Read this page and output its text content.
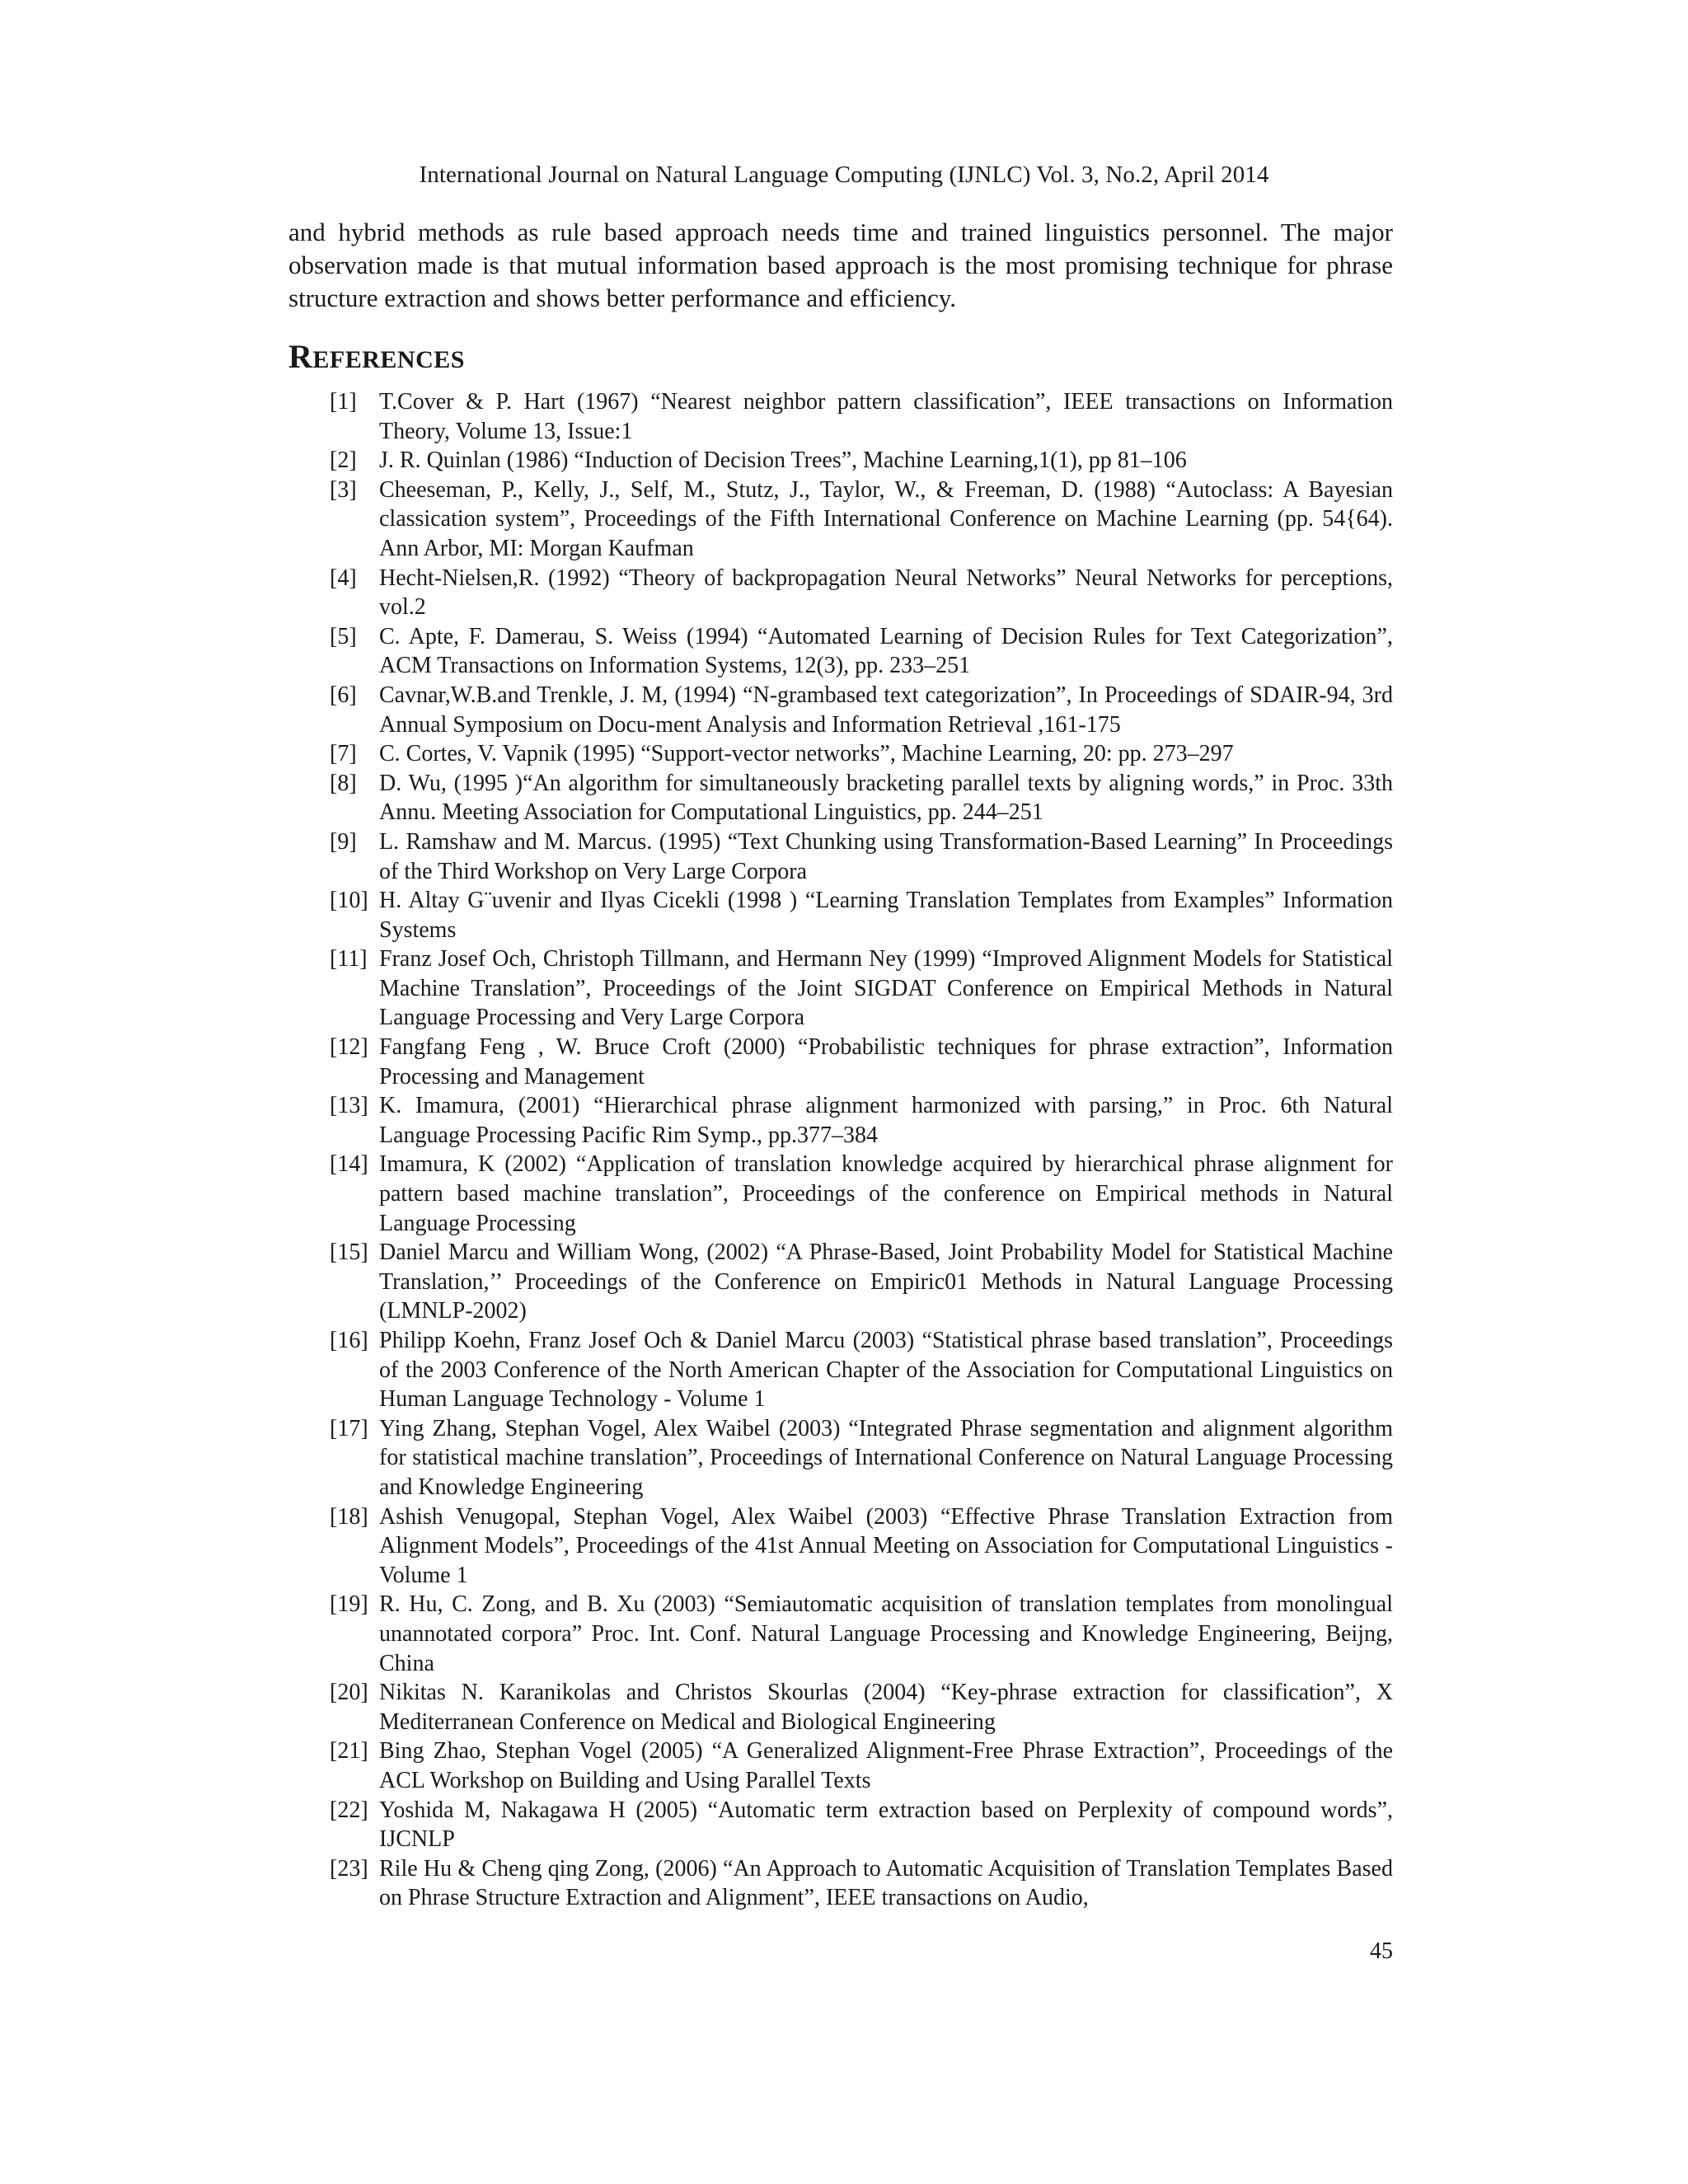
International Journal on Natural Language Computing (IJNLC) Vol. 3, No.2, April 2014

and hybrid methods as rule based approach needs time and trained linguistics personnel. The major observation made is that mutual information based approach is the most promising technique for phrase structure extraction and shows better performance and efficiency.

REFERENCES
[1] T.Cover & P. Hart (1967) “Nearest neighbor pattern classification”, IEEE transactions on Information Theory, Volume 13, Issue:1
[2] J. R. Quinlan (1986) “Induction of Decision Trees”, Machine Learning,1(1), pp 81–106
[3] Cheeseman, P., Kelly, J., Self, M., Stutz, J., Taylor, W., & Freeman, D. (1988) “Autoclass: A Bayesian classication system”, Proceedings of the Fifth International Conference on Machine Learning (pp. 54{64). Ann Arbor, MI: Morgan Kaufman
[4] Hecht-Nielsen,R. (1992) “Theory of backpropagation Neural Networks” Neural Networks for perceptions, vol.2
[5] C. Apte, F. Damerau, S. Weiss (1994) “Automated Learning of Decision Rules for Text Categorization”, ACM Transactions on Information Systems, 12(3), pp. 233–251
[6] Cavnar,W.B.and Trenkle, J. M, (1994) “N-grambased text categorization”, In Proceedings of SDAIR-94, 3rd Annual Symposium on Docu-ment Analysis and Information Retrieval ,161-175
[7] C. Cortes, V. Vapnik (1995) “Support-vector networks”, Machine Learning, 20: pp. 273–297
[8] D. Wu, (1995 )“An algorithm for simultaneously bracketing parallel texts by aligning words,” in Proc. 33th Annu. Meeting Association for Computational Linguistics, pp. 244–251
[9] L. Ramshaw and M. Marcus. (1995) “Text Chunking using Transformation-Based Learning” In Proceedings of the Third Workshop on Very Large Corpora
[10] H. Altay G¨uvenir and Ilyas Cicekli (1998 ) “Learning Translation Templates from Examples” Information Systems
[11] Franz Josef Och, Christoph Tillmann, and Hermann Ney (1999) “Improved Alignment Models for Statistical Machine Translation”, Proceedings of the Joint SIGDAT Conference on Empirical Methods in Natural Language Processing and Very Large Corpora
[12] Fangfang Feng , W. Bruce Croft (2000) “Probabilistic techniques for phrase extraction”, Information Processing and Management
[13] K. Imamura, (2001) “Hierarchical phrase alignment harmonized with parsing,” in Proc. 6th Natural Language Processing Pacific Rim Symp., pp.377–384
[14] Imamura, K (2002) “Application of translation knowledge acquired by hierarchical phrase alignment for pattern based machine translation”, Proceedings of the conference on Empirical methods in Natural Language Processing
[15] Daniel Marcu and William Wong, (2002) “A Phrase-Based, Joint Probability Model for Statistical Machine Translation,’’ Proceedings of the Conference on Empiric01 Methods in Natural Language Processing (LMNLP-2002)
[16] Philipp Koehn, Franz Josef Och & Daniel Marcu (2003) “Statistical phrase based translation”, Proceedings of the 2003 Conference of the North American Chapter of the Association for Computational Linguistics on Human Language Technology - Volume 1
[17] Ying Zhang, Stephan Vogel, Alex Waibel (2003) “Integrated Phrase segmentation and alignment algorithm for statistical machine translation”, Proceedings of International Conference on Natural Language Processing and Knowledge Engineering
[18] Ashish Venugopal, Stephan Vogel, Alex Waibel (2003) “Effective Phrase Translation Extraction from Alignment Models”, Proceedings of the 41st Annual Meeting on Association for Computational Linguistics - Volume 1
[19] R. Hu, C. Zong, and B. Xu (2003) “Semiautomatic acquisition of translation templates from monolingual unannotated corpora” Proc. Int. Conf. Natural Language Processing and Knowledge Engineering, Beijng, China
[20] Nikitas N. Karanikolas and Christos Skourlas (2004) “Key-phrase extraction for classification”, X Mediterranean Conference on Medical and Biological Engineering
[21] Bing Zhao, Stephan Vogel (2005) “A Generalized Alignment-Free Phrase Extraction”, Proceedings of the ACL Workshop on Building and Using Parallel Texts
[22] Yoshida M, Nakagawa H (2005) “Automatic term extraction based on Perplexity of compound words”, IJCNLP
[23] Rile Hu & Cheng qing Zong, (2006) “An Approach to Automatic Acquisition of Translation Templates Based on Phrase Structure Extraction and Alignment”, IEEE transactions on Audio,
45
